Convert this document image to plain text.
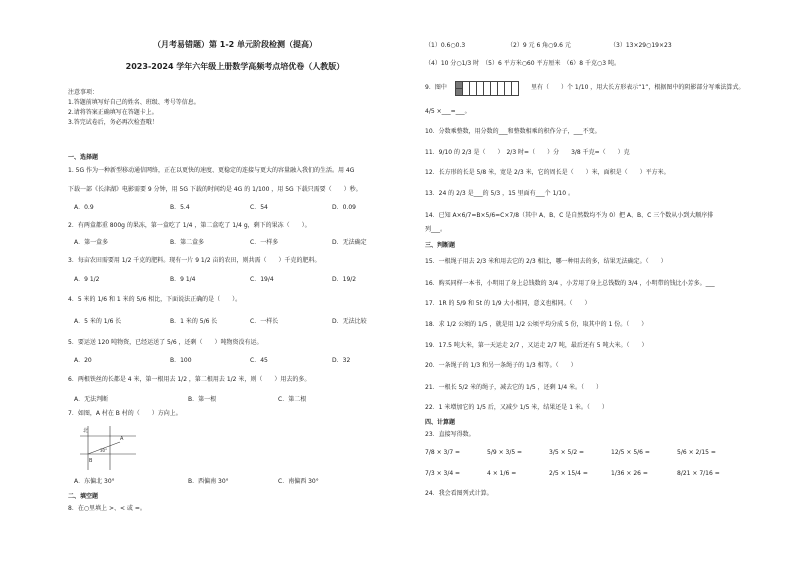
（月考易错题）第 1-2 单元阶段检测（提高）
2023-2024 学年六年级上册数学高频考点培优卷（人教版）
注意事项：
1.答题前填写好自己的姓名、班级、考号等信息。
2.请将答案正确填写在答题卡上。
3.答完试卷后，务必再次检查哦！
一、选择题
1. 5G 作为一种新型移动通信网络，正在以更快的速度、更稳定的连接与更大的容量融入我们的生活。用 4G
下载一部《长津湖》电影需要 9 分钟，用 5G 下载的时间约是 4G 的 1/100 ，用 5G 下载只需要（　　）秒。
A．0.9	B．5.4	C．54	D．0.09
2．有两盒都重 800g 的果冻，第一盒吃了 1/4 ，第二盒吃了 1/4 g，剩下的果冻（　　）。
A．第一盒多	B．第二盒多	C．一样多	D．无法确定
3．每亩农田需要用 1/2 千克的肥料。现有一片 9 1/2 亩的农田，则共需（　　）千克的肥料。
A．9 1/2	B．9 1/4	C．19/4	D．19/2
4．5 米的 1/6 和 1 米的 5/6 相比，下面说法正确的是（　　）。
A．5 米的 1/6 长	B．1 米的 5/6 长	C．一样长	D．无法比较
5．要运送 120 吨物资，已经运送了 5/6 ，还剩（　　）吨物资没有运。
A．20	B．100	C．45	D．32
6．两根铁丝的长都是 4 米，第一根用去 1/2 ，第二根用去 1/2 米，则（　　）用去的多。
A．无法判断	B．第一根	C．第二根
7．如图，A 村在 B 村的（　　）方向上。
北
A
B
30°
A．东偏北 30°	B．西偏南 30°	C．南偏西 30°
二、填空题
8．在○里填上 >、< 或 =。
（1）0.6○0.3	（2）9 元 6 角○9.6 元	（3）13×29○19×23
（4）10 分○1/3 时　（5）6 平方米○60 平方厘米　（6）8 千克○3 吨。
9．图中	里有（　　）个 1/10 ，用大长方形表示“1”，根据图中的阴影部分写乘法算式。
4/5 ×___=___。
10．分数乘整数，用分数的___和整数相乘的积作分子，___不变。
11．9/10 的 2/3 是（　　）　2/3 时=（　　）分　　3/8 千克=（　　）克
12．长方形的长是 5/8 米，宽是 2/3 米，它的周长是（　　）米，面积是（　　）平方米。
13．24 的 2/3 是___的 5/3 ，15 里面有___个 1/10 。
14．已知 A×6/7=B×5/6=C×7/8（其中 A、B、C 是自然数均不为 0）把 A、B、C 三个数从小到大顺序排
列___。
三、判断题
15．一根绳子用去 2/3 米和用去它的 2/3 相比，哪一种用去的多，结果无法确定。（　　）
16．购买同样一本书，小明用了身上总钱数的 3/4 ，小芳用了身上总钱数的 3/4 ，小明带的钱比小芳多。___
17．1R 的 5/9 和 5t 的 1/9 大小相同，意义也相同。（　　）
18．求 1/2 公顷的 1/5 ，就是用 1/2 公顷平均分成 5 份，取其中的 1 份。（　　）
19．17.5 吨大米，第一天运走 2/7 ，又运走 2/7 吨，最后还有 5 吨大米。（　　）
20．一条绳子的 1/3 和另一条绳子的 1/3 相等。（　　）
21．一根长 5/2 米的绳子，减去它的 1/5 ，还剩 1/4 米。（　　）
22．1 米增加它的 1/5 后，又减少 1/5 米，结果还是 1 米。（　　）
四、计算题
23．直接写得数。
7/8 × 3/7 =	5/9 × 3/5 =	3/5 × 5/2 =	12/5 × 5/6 =	5/6 × 2/15 =
7/3 × 3/4 =	4 × 1/6 =	2/5 × 15/4 =	1/36 × 26 =	8/21 × 7/16 =
24．我会看图列式计算。
